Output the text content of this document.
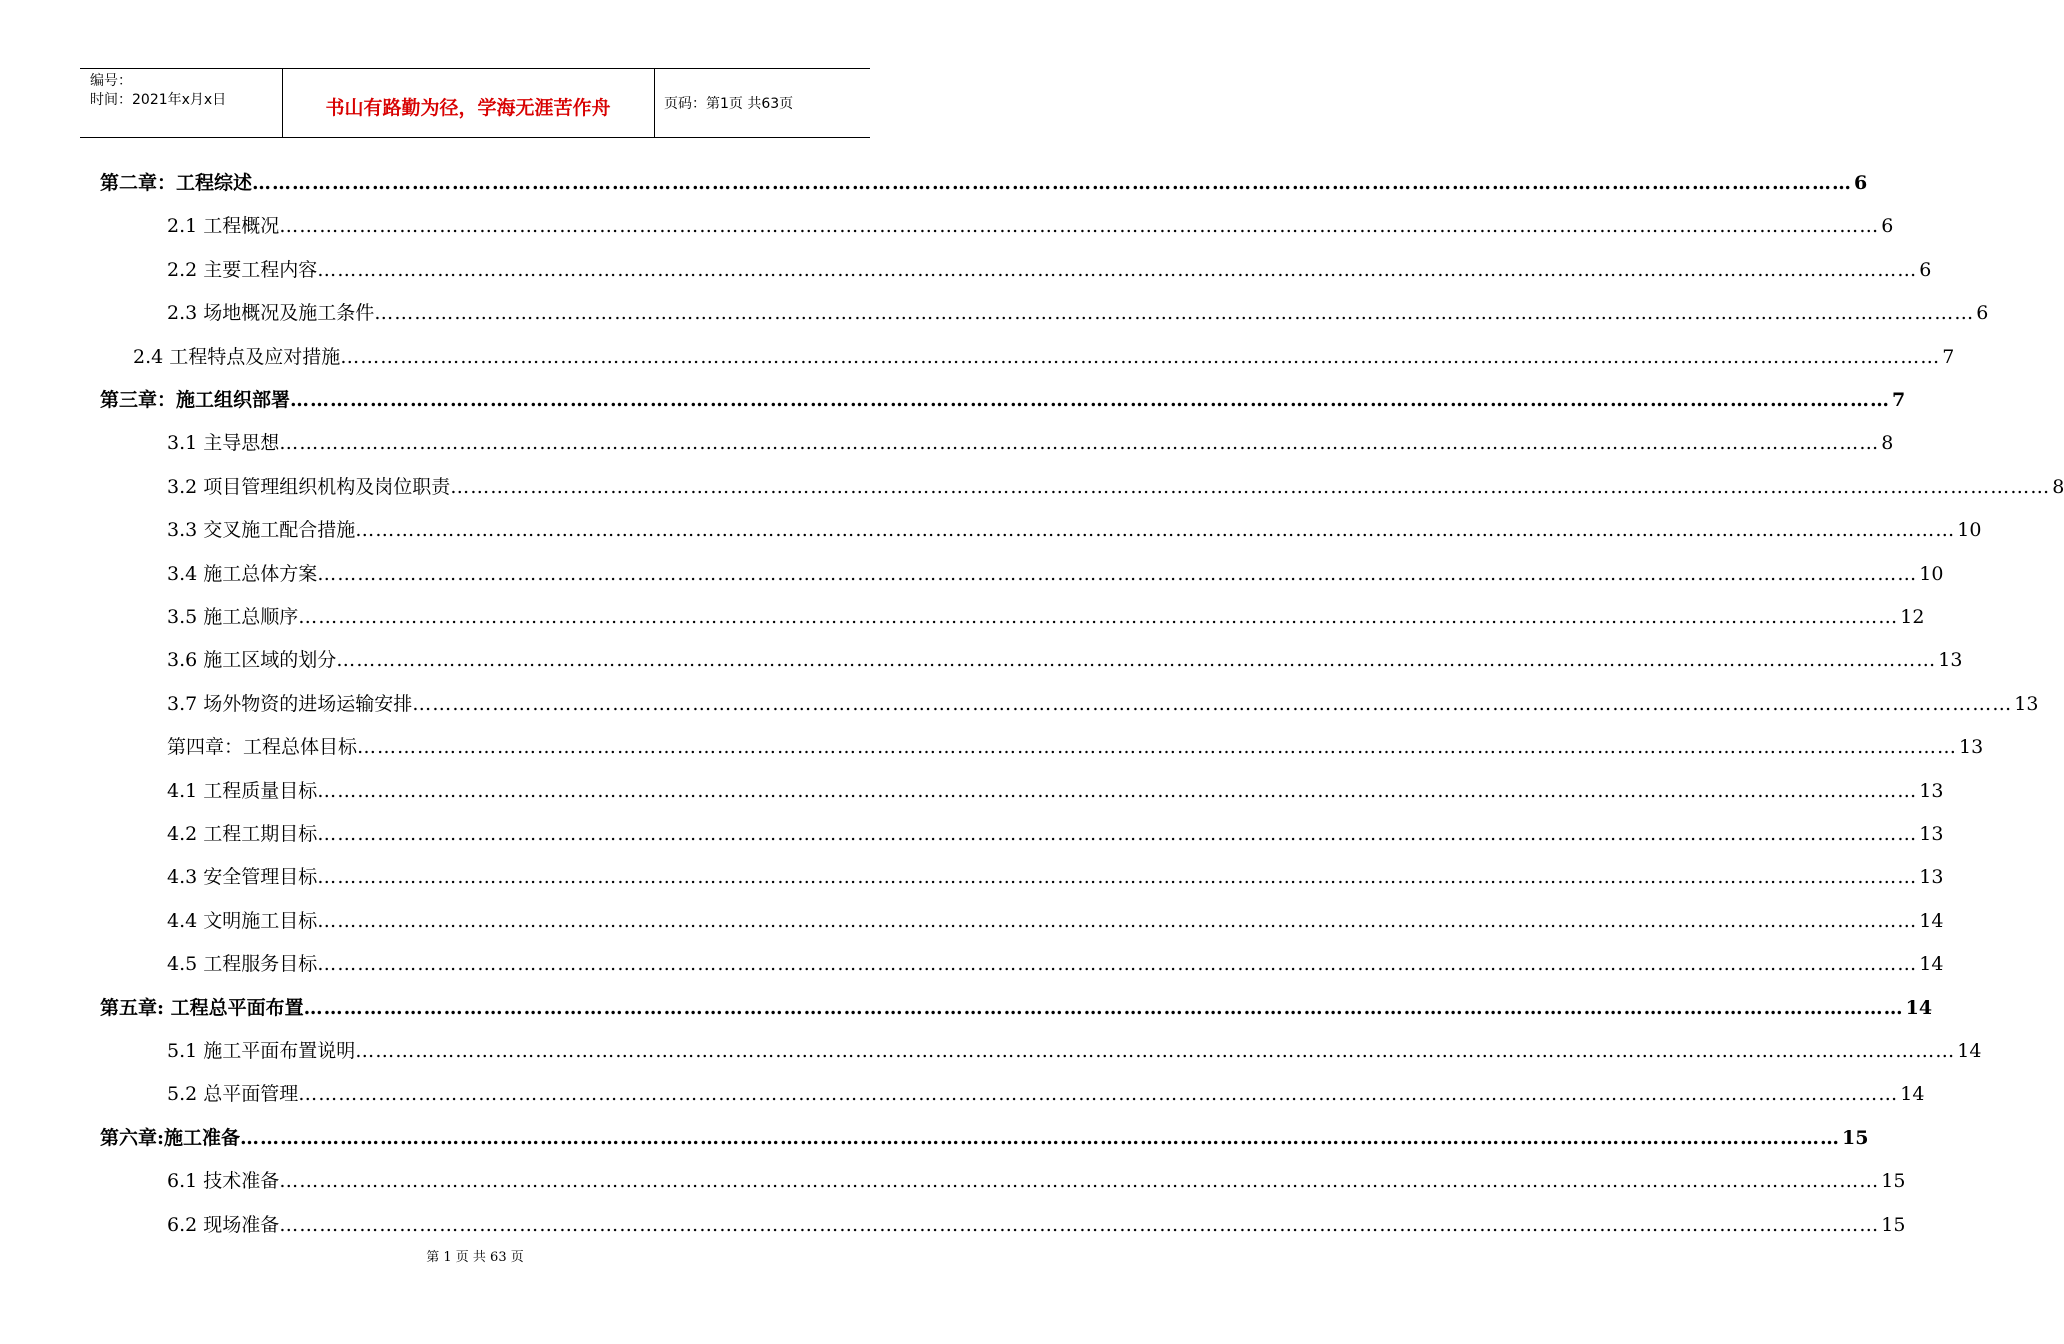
编号：
时间：2021年x月x日	书山有路勤为径，学海无涯苦作舟	页码：第1页 共63页
第二章：工程综述 …………………………………………………………………………………………………………………………………………………………………………………………………………………… 6
2.1 工程概况 …………………………………………………………………………………………………………………………………………………………………………………………………………………… 6
2.2 主要工程内容 …………………………………………………………………………………………………………………………………………………………………………………………………………………… 6
2.3 场地概况及施工条件 …………………………………………………………………………………………………………………………………………………………………………………………………………………… 6
2.4 工程特点及应对措施 …………………………………………………………………………………………………………………………………………………………………………………………………………………… 7
第三章：施工组织部署 …………………………………………………………………………………………………………………………………………………………………………………………………………………… 7
3.1 主导思想 …………………………………………………………………………………………………………………………………………………………………………………………………………………… 8
3.2 项目管理组织机构及岗位职责 …………………………………………………………………………………………………………………………………………………………………………………………………………………… 8
3.3 交叉施工配合措施 …………………………………………………………………………………………………………………………………………………………………………………………………………………… 10
3.4 施工总体方案 …………………………………………………………………………………………………………………………………………………………………………………………………………………… 10
3.5 施工总顺序 …………………………………………………………………………………………………………………………………………………………………………………………………………………… 12
3.6 施工区域的划分 …………………………………………………………………………………………………………………………………………………………………………………………………………………… 13
3.7 场外物资的进场运输安排 …………………………………………………………………………………………………………………………………………………………………………………………………………………… 13
第四章：工程总体目标 …………………………………………………………………………………………………………………………………………………………………………………………………………………… 13
4.1 工程质量目标 …………………………………………………………………………………………………………………………………………………………………………………………………………………… 13
4.2 工程工期目标 …………………………………………………………………………………………………………………………………………………………………………………………………………………… 13
4.3 安全管理目标 …………………………………………………………………………………………………………………………………………………………………………………………………………………… 13
4.4 文明施工目标 …………………………………………………………………………………………………………………………………………………………………………………………………………………… 14
4.5 工程服务目标 …………………………………………………………………………………………………………………………………………………………………………………………………………………… 14
第五章: 工程总平面布置 …………………………………………………………………………………………………………………………………………………………………………………………………………………… 14
5.1 施工平面布置说明 …………………………………………………………………………………………………………………………………………………………………………………………………………………… 14
5.2 总平面管理 …………………………………………………………………………………………………………………………………………………………………………………………………………………… 14
第六章:施工准备 …………………………………………………………………………………………………………………………………………………………………………………………………………………… 15
6.1 技术准备 …………………………………………………………………………………………………………………………………………………………………………………………………………………… 15
6.2 现场准备 …………………………………………………………………………………………………………………………………………………………………………………………………………………… 15
第 1 页 共 63 页
